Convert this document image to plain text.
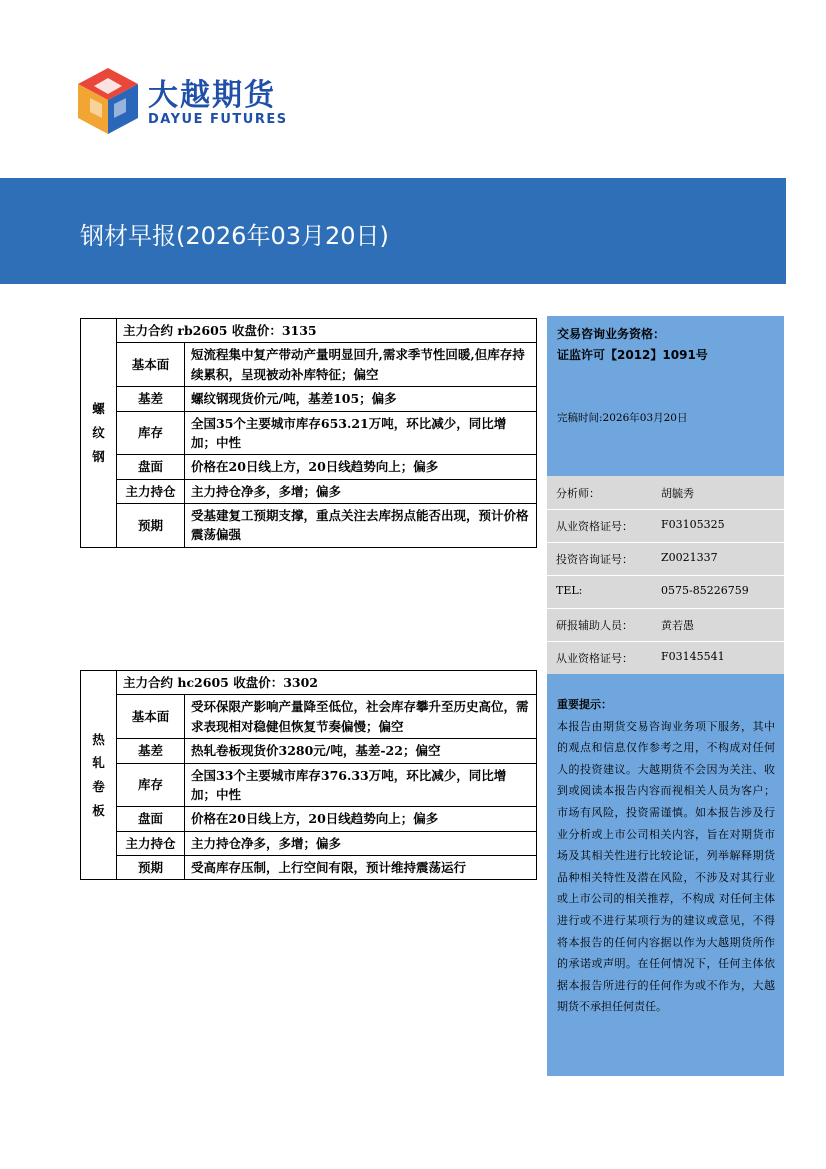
大越期货
DAYUE FUTURES
钢材早报(2026年03月20日)
螺
纹
钢	主力合约 rb2605 收盘价：3135	
	基本面	短流程集中复产带动产量明显回升,需求季节性回暖,但库存持续累积，呈现被动补库特征；偏空
	基差	螺纹钢现货价元/吨，基差105；偏多
	库存	全国35个主要城市库存653.21万吨，环比减少，同比增加；中性
	盘面	价格在20日线上方，20日线趋势向上；偏多
	主力持仓	主力持仓净多，多增；偏多
	预期	受基建复工预期支撑，重点关注去库拐点能否出现，预计价格震荡偏强
热
轧
卷
板	主力合约 hc2605 收盘价：3302	
	基本面	受环保限产影响产量降至低位，社会库存攀升至历史高位，需求表现相对稳健但恢复节奏偏慢；偏空
	基差	热轧卷板现货价3280元/吨，基差-22；偏空
	库存	全国33个主要城市库存376.33万吨，环比减少，同比增加；中性
	盘面	价格在20日线上方，20日线趋势向上；偏多
	主力持仓	主力持仓净多，多增；偏多
	预期	受高库存压制，上行空间有限，预计维持震荡运行
交易咨询业务资格：
证监许可【2012】1091号
完稿时间:2026年03月20日
分析师：	胡毓秀
从业资格证号：	F03105325
投资咨询证号：	Z0021337
TEL:	0575-85226759
研报辅助人员：	黄若愚
从业资格证号：	F03145541
重要提示：
本报告由期货交易咨询业务项下服务，其中的观点和信息仅作参考之用，不构成对任何人的投资建议。大越期货不会因为关注、收到或阅读本报告内容而视相关人员为客户；市场有风险，投资需谨慎。如本报告涉及行业分析或上市公司相关内容，旨在对期货市场及其相关性进行比较论证，列举解释期货品种相关特性及潜在风险，不涉及对其行业或上市公司的相关推荐，不构成 对任何主体进行或不进行某项行为的建议或意见，不得将本报告的任何内容据以作为大越期货所作的承诺或声明。在任何情况下，任何主体依据本报告所进行的任何作为或不作为，大越期货不承担任何责任。
